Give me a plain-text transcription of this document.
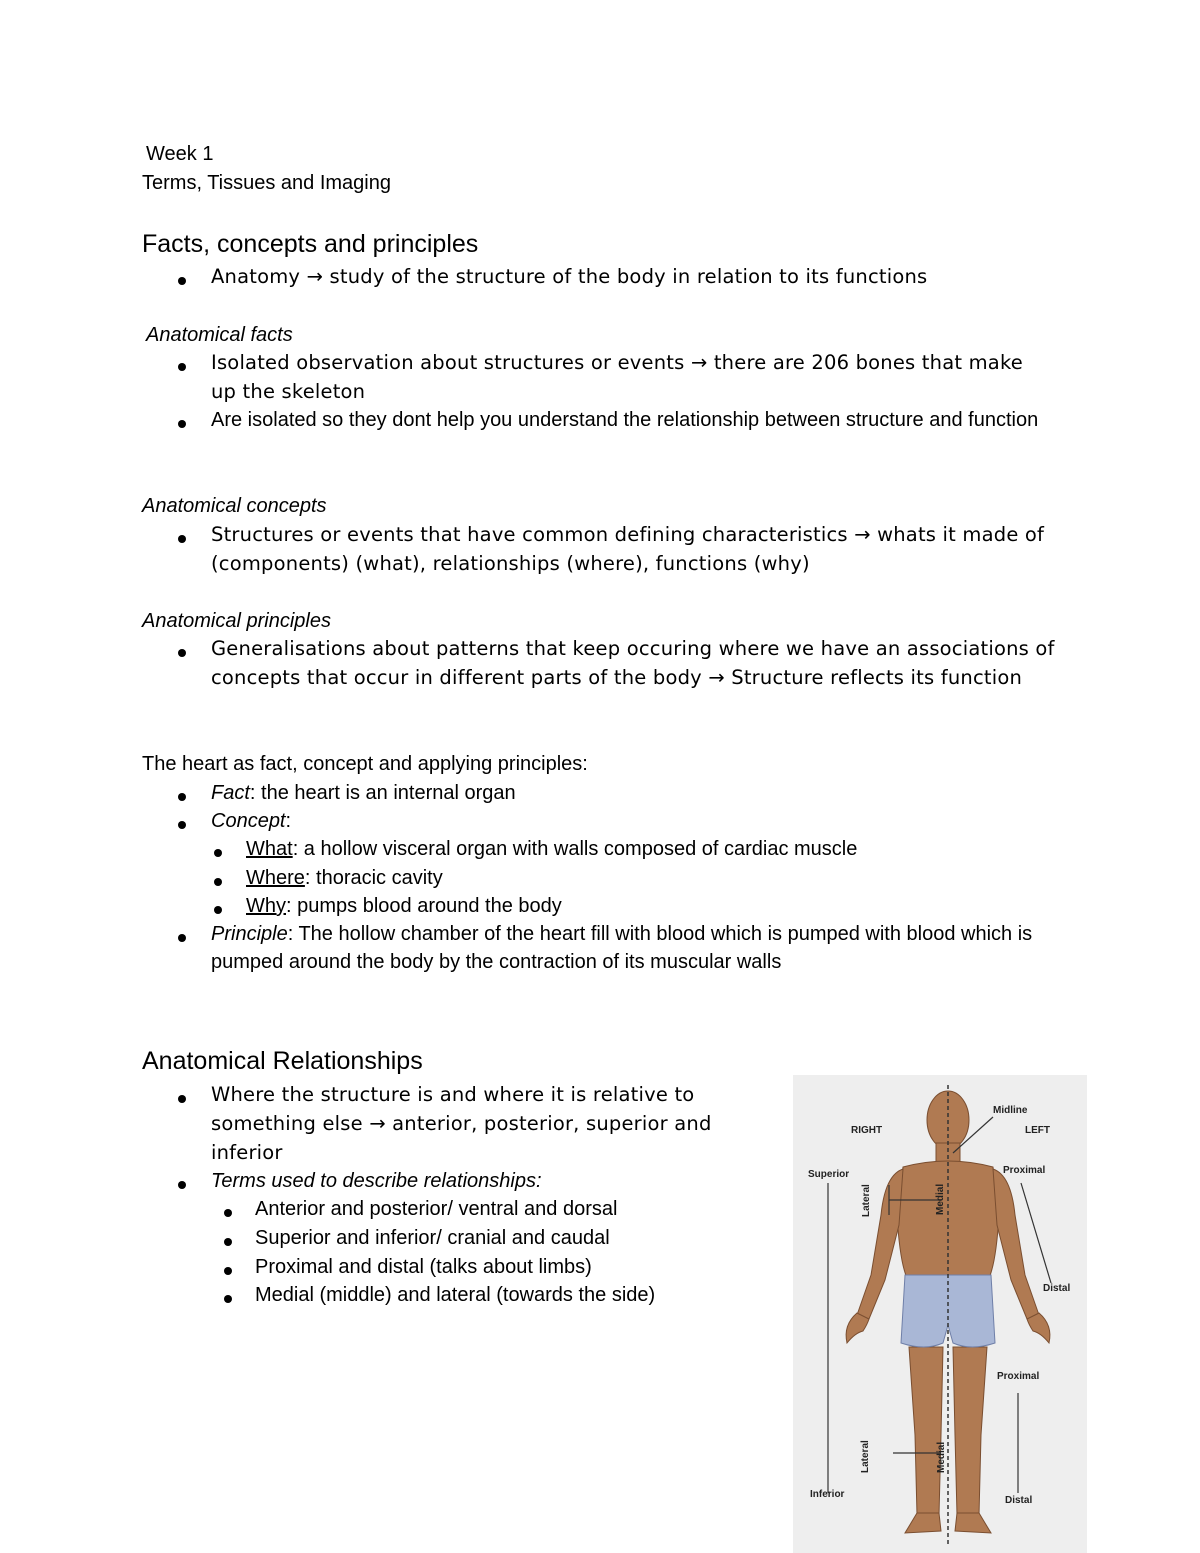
Week 1
Terms, Tissues and Imaging
Facts, concepts and principles
Anatomy → study of the structure of the body in relation to its functions
Anatomical facts
Isolated observation about structures or events → there are 206 bones that make up the skeleton
Are isolated so they dont help you understand the relationship between structure and function
Anatomical concepts
Structures or events that have common defining characteristics → whats it made of (components) (what), relationships (where), functions (why)
Anatomical principles
Generalisations about patterns that keep occuring where we have an associations of concepts that occur in different parts of the body → Structure reflects its function
The heart as fact, concept and applying principles:
Fact: the heart is an internal organ
Concept:
What: a hollow visceral organ with walls composed of cardiac muscle
Where: thoracic cavity
Why: pumps blood around the body
Principle: The hollow chamber of the heart fill with blood which is pumped with blood which is pumped around the body by the contraction of its muscular walls
Anatomical Relationships
Where the structure is and where it is relative to something else → anterior, posterior, superior and inferior
Terms used to describe relationships:
Anterior and posterior/ ventral and dorsal
Superior and inferior/ cranial and caudal
Proximal and distal (talks about limbs)
Medial (middle) and lateral (towards the side)
RIGHT	LEFT
Midline
Superior
Inferior
Proximal
Distal
Proximal
Distal
Lateral	Medial
Lateral	Medial
